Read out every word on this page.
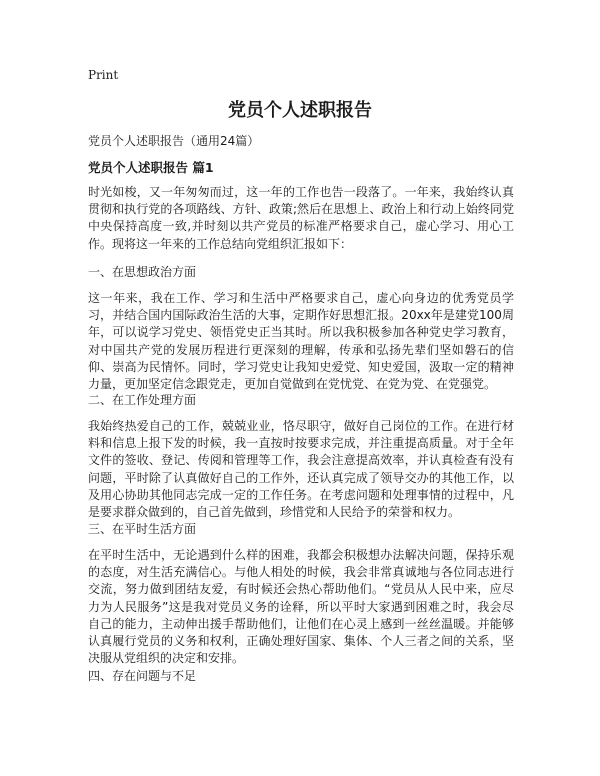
Print
党员个人述职报告

党员个人述职报告（通用24篇）

党员个人述职报告 篇1

时光如梭，又一年匆匆而过，这一年的工作也告一段落了。一年来，我始终认真贯彻和执行党的各项路线、方针、政策;然后在思想上、政治上和行动上始终同党中央保持高度一致,并时刻以共产党员的标准严格要求自己，虚心学习、用心工作。现将这一年来的工作总结向党组织汇报如下：

一、在思想政治方面

这一年来，我在工作、学习和生活中严格要求自己，虚心向身边的优秀党员学习，并结合国内国际政治生活的大事，定期作好思想汇报。20xx年是建党100周年，可以说学习党史、领悟党史正当其时。所以我积极参加各种党史学习教育，对中国共产党的发展历程进行更深刻的理解，传承和弘扬先辈们坚如磐石的信仰、崇高为民情怀。同时，学习党史让我知史爱党、知史爱国，汲取一定的精神力量，更加坚定信念跟党走，更加自觉做到在党忧党、在党为党、在党强党。

二、在工作处理方面

我始终热爱自己的工作，兢兢业业，恪尽职守，做好自己岗位的工作。在进行材料和信息上报下发的时候，我一直按时按要求完成，并注重提高质量。对于全年文件的签收、登记、传阅和管理等工作，我会注意提高效率，并认真检查有没有问题，平时除了认真做好自己的工作外，还认真完成了领导交办的其他工作，以及用心协助其他同志完成一定的工作任务。在考虑问题和处理事情的过程中，凡是要求群众做到的，自己首先做到，珍惜党和人民给予的荣誉和权力。

三、在平时生活方面

在平时生活中，无论遇到什么样的困难，我都会积极想办法解决问题，保持乐观的态度，对生活充满信心。与他人相处的时候，我会非常真诚地与各位同志进行交流，努力做到团结友爱，有时候还会热心帮助他们。“党员从人民中来，应尽力为人民服务”这是我对党员义务的诠释，所以平时大家遇到困难之时，我会尽自己的能力，主动伸出援手帮助他们，让他们在心灵上感到一丝丝温暖。并能够认真履行党员的义务和权利，正确处理好国家、集体、个人三者之间的关系，坚决服从党组织的决定和安排。

四、存在问题与不足
